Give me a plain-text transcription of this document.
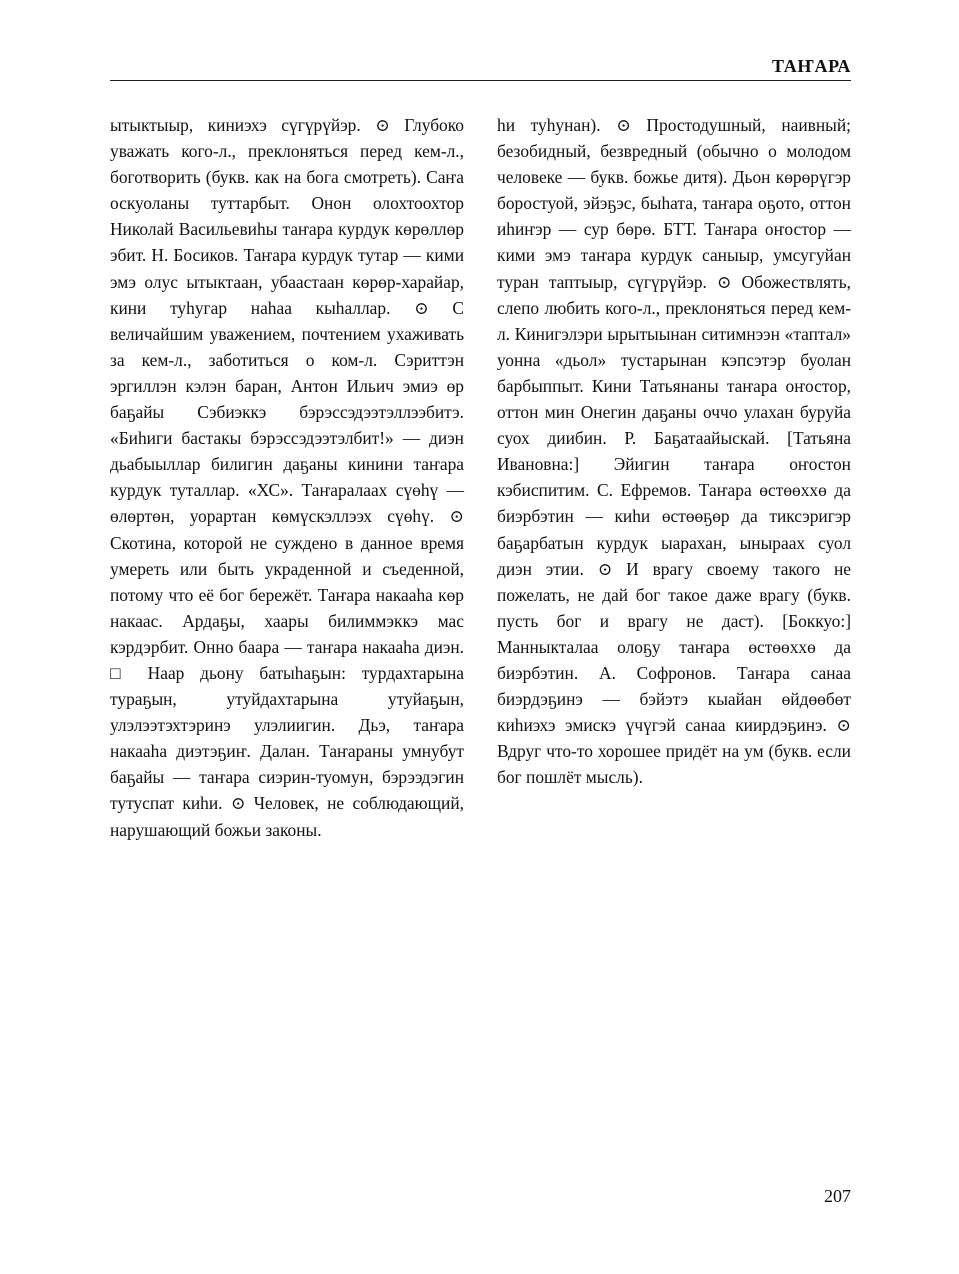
ТАҤАРА

ытыктыыр, киниэхэ сүгүрүйэр. ⊙ Глубоко уважать кого-л., преклоняться перед кем-л., боготворить (букв. как на бога смотреть). Саҥа оскуоланы туттарбыт. Онон олохтоохтор Николай Васильевиһы таҥара курдук көрөллөр эбит. Н. Босиков. Таҥара курдук тутар — кими эмэ олус ытыктаан, убаастаан көрөр-харайар, кини туһугар наһаа кыһаллар. ⊙ С величайшим уважением, почтением ухаживать за кем-л., заботиться о ком-л. Сэриттэн эргиллэн кэлэн баран, Антон Ильич эмиэ өр баҕайы Сэбиэккэ бэрэссэдээтэллээбитэ. «Биһиги бастакы бэрэссэдээтэлбит!» — диэн дьабыыллар билигин даҕаны кинини таҥара курдук туталлар. «ХС». Таҥаралаах сүөһү — өлөртөн, уорартан көмүскэллээх сүөһү. ⊙ Скотина, которой не суждено в данное время умереть или быть украденной и съеденной, потому что её бог бережёт. Таҥара накааһа көр накаас. Ардаҕы, хаары билиммэккэ мас кэрдэрбит. Онно баара — таҥара накааһа диэн. □ Наар дьону батыһаҕын: турдахтарына тураҕын, утуйдахтарына утуйаҕын, улэлээтэхтэринэ улэлиигин. Дьэ, таҥара накааһа диэтэҕиҥ. Далан. Таҥараны умнубут баҕайы — таҥара сиэрин-туомун, бэрээдэгин тутуспат киһи. ⊙ Человек, не соблюдающий, нарушающий божьи законы.

һи туһунан). ⊙ Простодушный, наивный; безобидный, безвредный (обычно о молодом человеке — букв. божье дитя). Дьон көрөрүгэр боростуой, эйэҕэс, быһата, таҥара оҕото, оттон иһиҥэр — сур бөрө. БТТ. Таҥара оҥостор — кими эмэ таҥара курдук саныыр, умсугуйан туран таптыыр, сүгүрүйэр. ⊙ Обожествлять, слепо любить кого-л., преклоняться перед кем-л. Кинигэлэри ырытыынан ситимнээн «таптал» уонна «дьол» тустарынан кэпсэтэр буолан барбыппыт. Кини Татьянаны таҥара оҥостор, оттон мин Онегин даҕаны оччо улахан буруйа суох диибин. Р. Баҕатаайыскай. [Татьяна Ивановна:] Эйигин таҥара оҥостон кэбиспитим. С. Ефремов. Таҥара өстөөххө да биэрбэтин — киһи өстөөҕөр да тиксэригэр баҕарбатын курдук ыарахан, ыныраах суол диэн этии. ⊙ И врагу своему такого не пожелать, не дай бог такое даже врагу (букв. пусть бог и врагу не даст). [Боккуо:] Манныкталаа олоҕу таҥара өстөөххө да биэрбэтин. А. Софронов. Таҥара санаа биэрдэҕинэ — бэйэтэ кыайан өйдөөбөт киһиэхэ эмискэ үчүгэй санаа киирдэҕинэ. ⊙ Вдруг что-то хорошее придёт на ум (букв. если бог пошлёт мысль).

207
